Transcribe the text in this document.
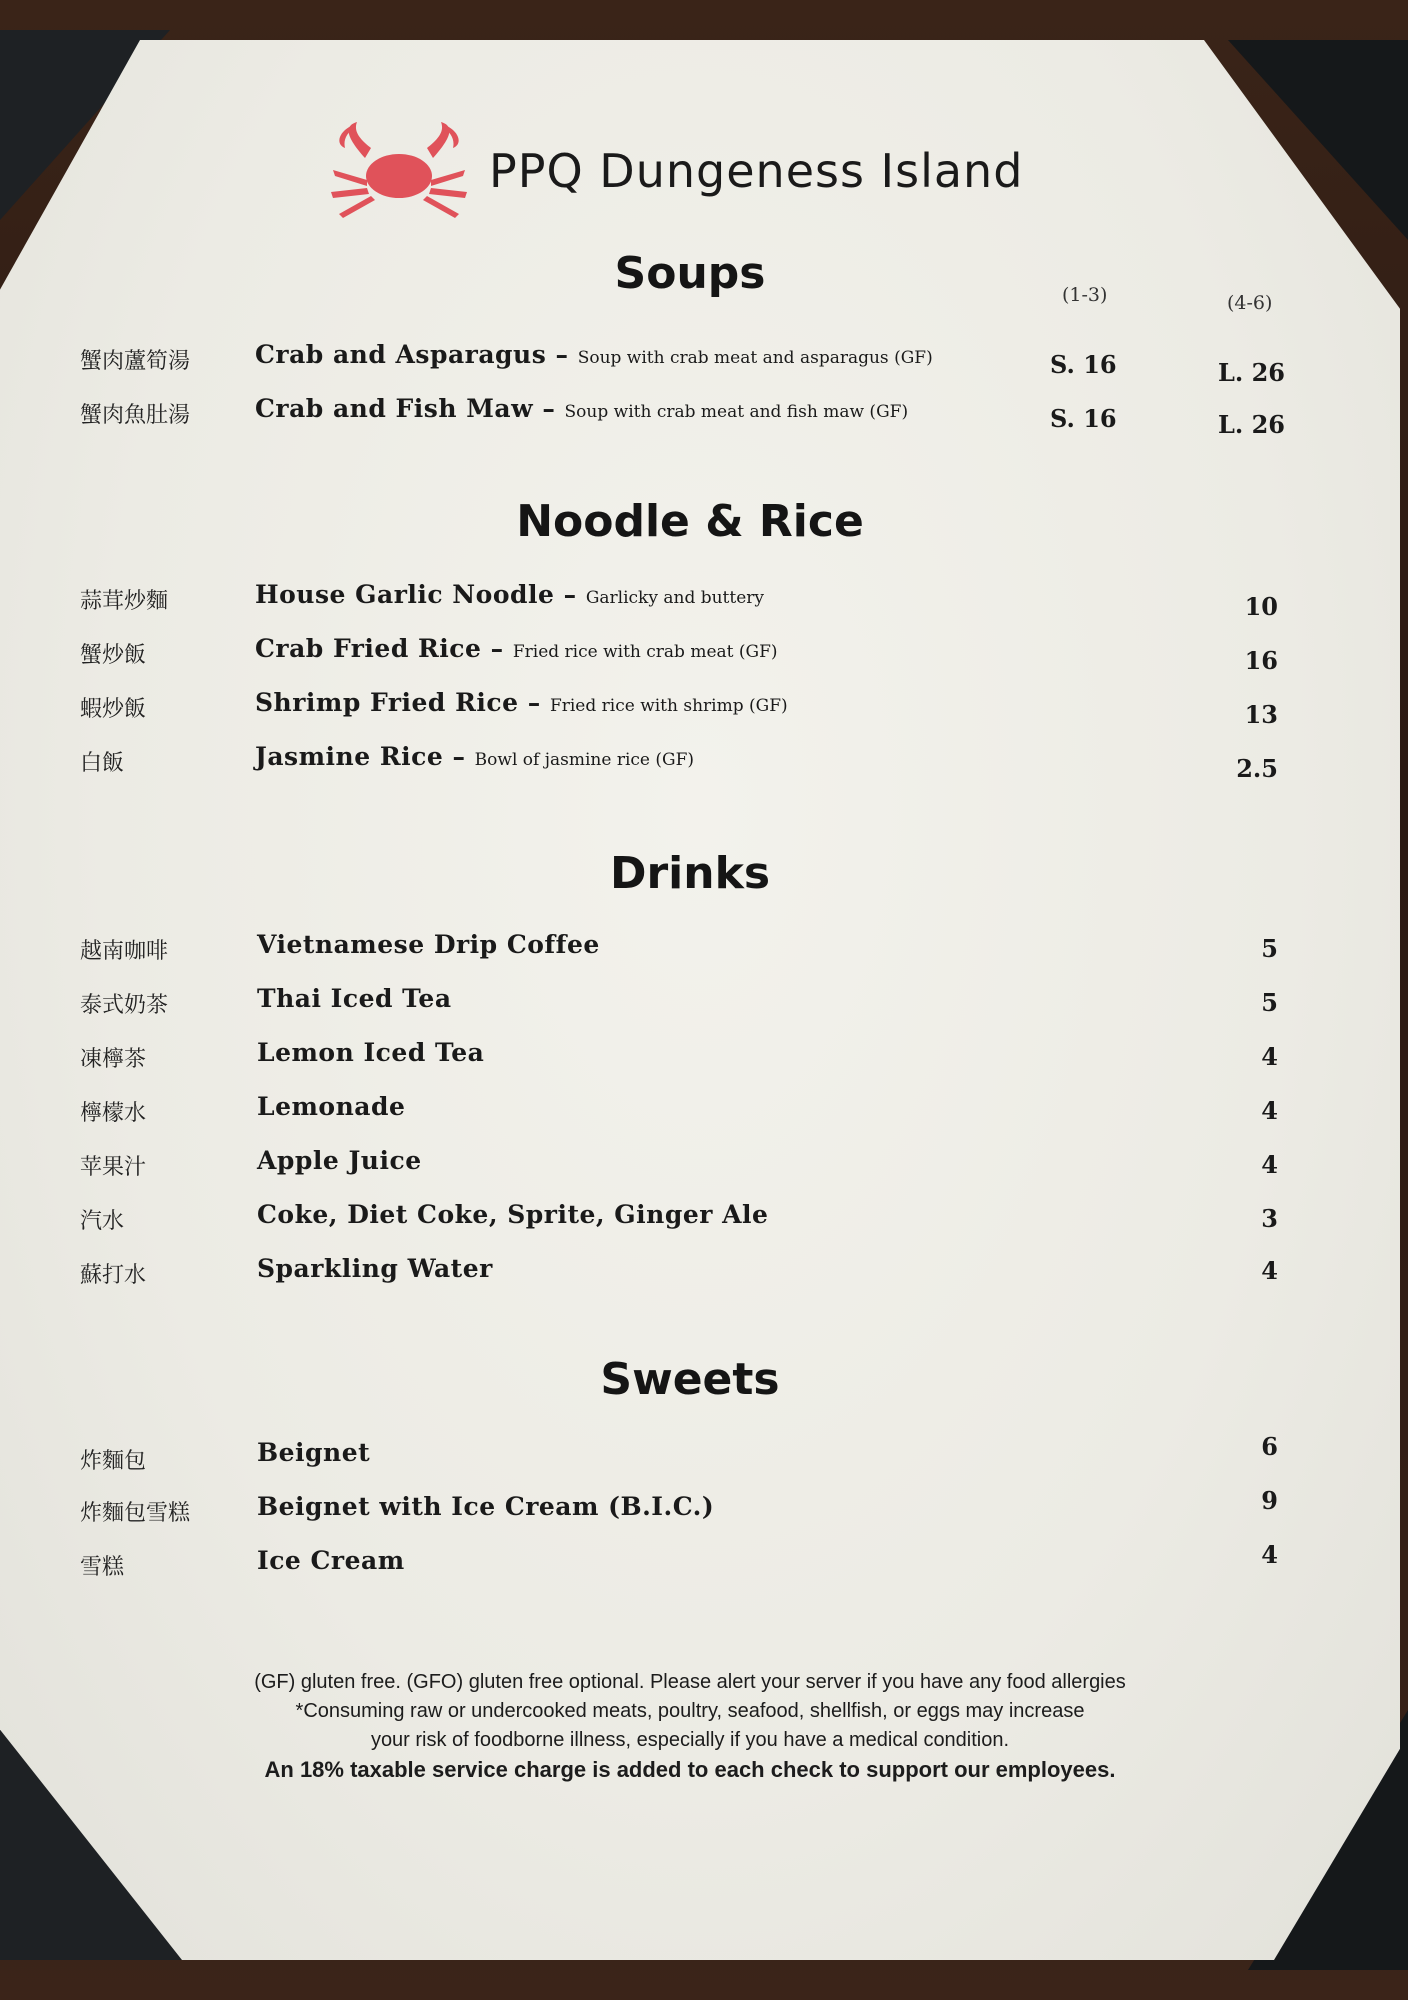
PPQ Dungeness Island
Soups	(1-3)	(4-6)
蟹肉蘆筍湯	Crab and Asparagus – Soup with crab meat and asparagus (GF)	S. 16	L. 26
蟹肉魚肚湯	Crab and Fish Maw – Soup with crab meat and fish maw (GF)	S. 16	L. 26
Noodle & Rice
蒜茸炒麵	House Garlic Noodle – Garlicky and buttery	10
蟹炒飯	Crab Fried Rice – Fried rice with crab meat (GF)	16
蝦炒飯	Shrimp Fried Rice – Fried rice with shrimp (GF)	13
白飯	Jasmine Rice – Bowl of jasmine rice (GF)	2.5
Drinks
越南咖啡	Vietnamese Drip Coffee	5
泰式奶茶	Thai Iced Tea	5
凍檸茶	Lemon Iced Tea	4
檸檬水	Lemonade	4
苹果汁	Apple Juice	4
汽水	Coke, Diet Coke, Sprite, Ginger Ale	3
蘇打水	Sparkling Water	4
Sweets
炸麵包	Beignet	6
炸麵包雪糕	Beignet with Ice Cream (B.I.C.)	9
雪糕	Ice Cream	4
(GF) gluten free. (GFO) gluten free optional. Please alert your server if you have any food allergies
*Consuming raw or undercooked meats, poultry, seafood, shellfish, or eggs may increase
your risk of foodborne illness, especially if you have a medical condition.
An 18% taxable service charge is added to each check to support our employees.
